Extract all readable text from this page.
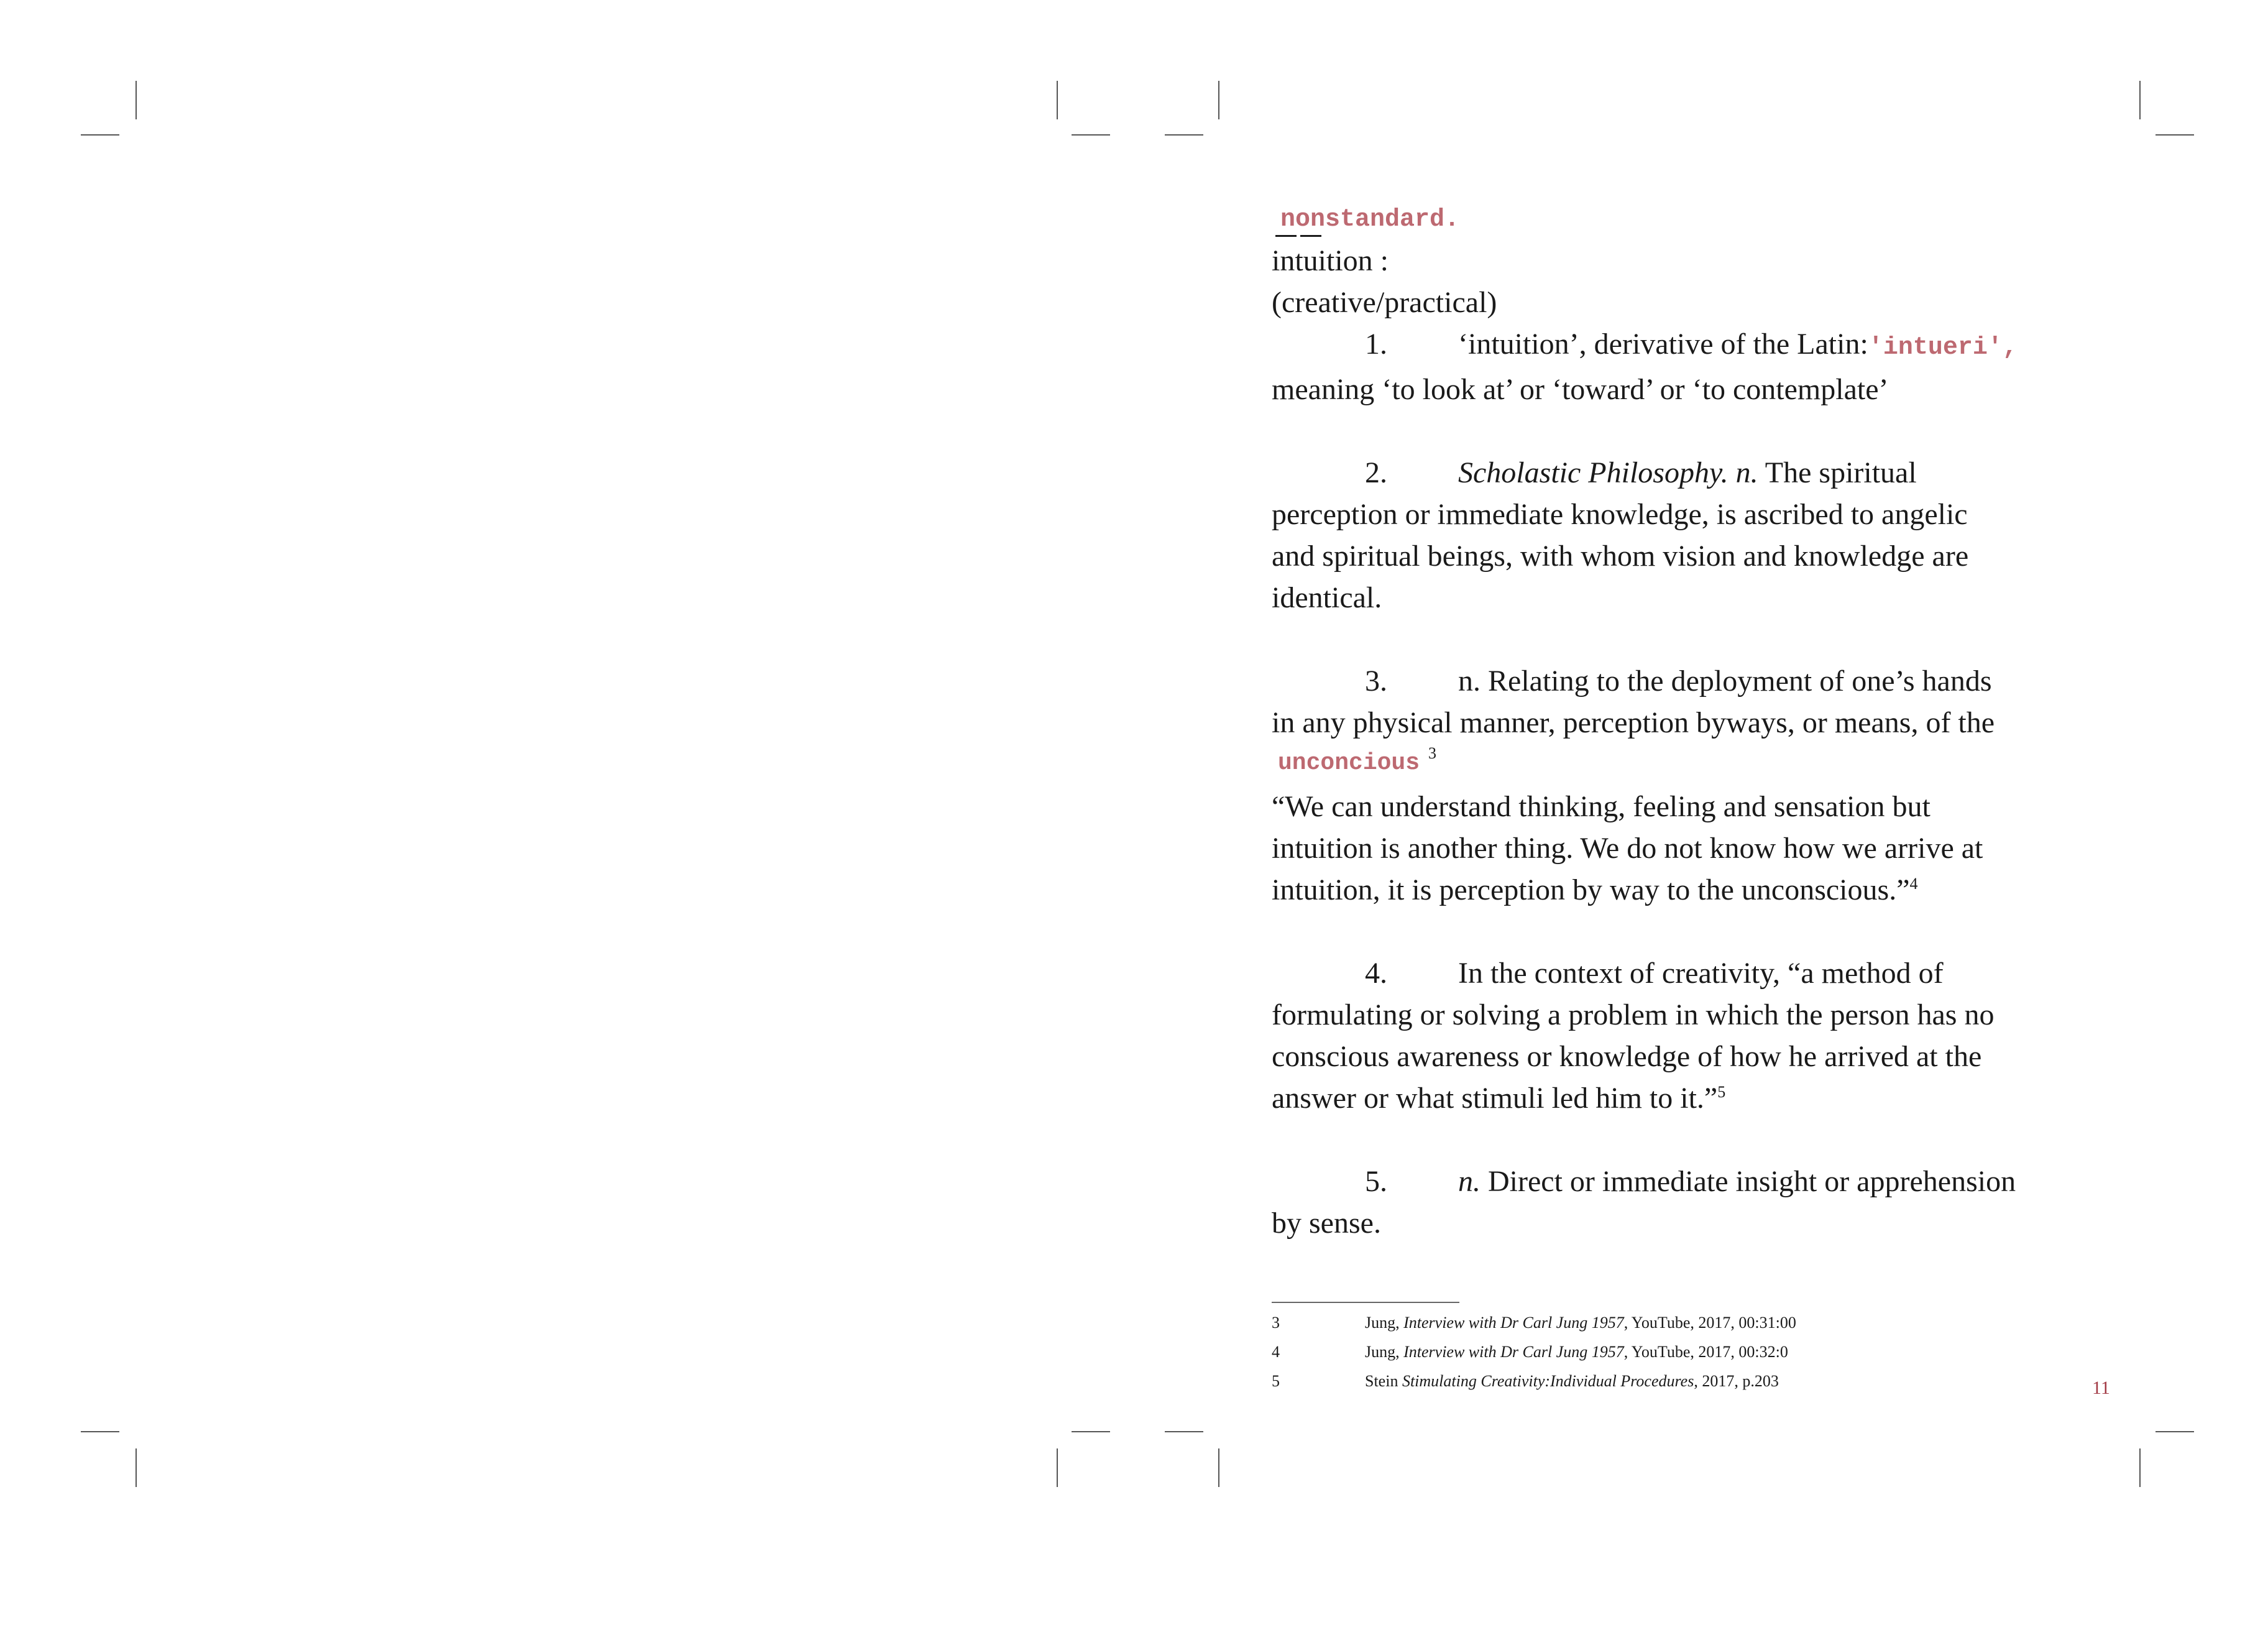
nonstandard.
intuition :
(creative/practical)
1. ‘intuition’, derivative of the Latin:'intueri',
meaning ‘to look at’ or ‘toward’ or ‘to contemplate’
2. Scholastic Philosophy. n. The spiritual
perception or immediate knowledge, is ascribed to angelic
and spiritual beings, with whom vision and knowledge are
identical.
3. n. Relating to the deployment of one’s hands
in any physical manner, perception byways, or means, of the
unconcious $^3$
“We can understand thinking, feeling and sensation but
intuition is another thing. We do not know how we arrive at
intuition, it is perception by way to the unconscious.”$^4$
4. In the context of creativity, “a method of
formulating or solving a problem in which the person has no
conscious awareness or knowledge of how he arrived at the
answer or what stimuli led him to it.”$^5$
5. n. Direct or immediate insight or apprehension
by sense.
3	Jung, Interview with Dr Carl Jung 1957, YouTube, 2017, 00:31:00
4	Jung, Interview with Dr Carl Jung 1957, YouTube, 2017, 00:32:0
5	Stein Stimulating Creativity:Individual Procedures, 2017, p.203	11
